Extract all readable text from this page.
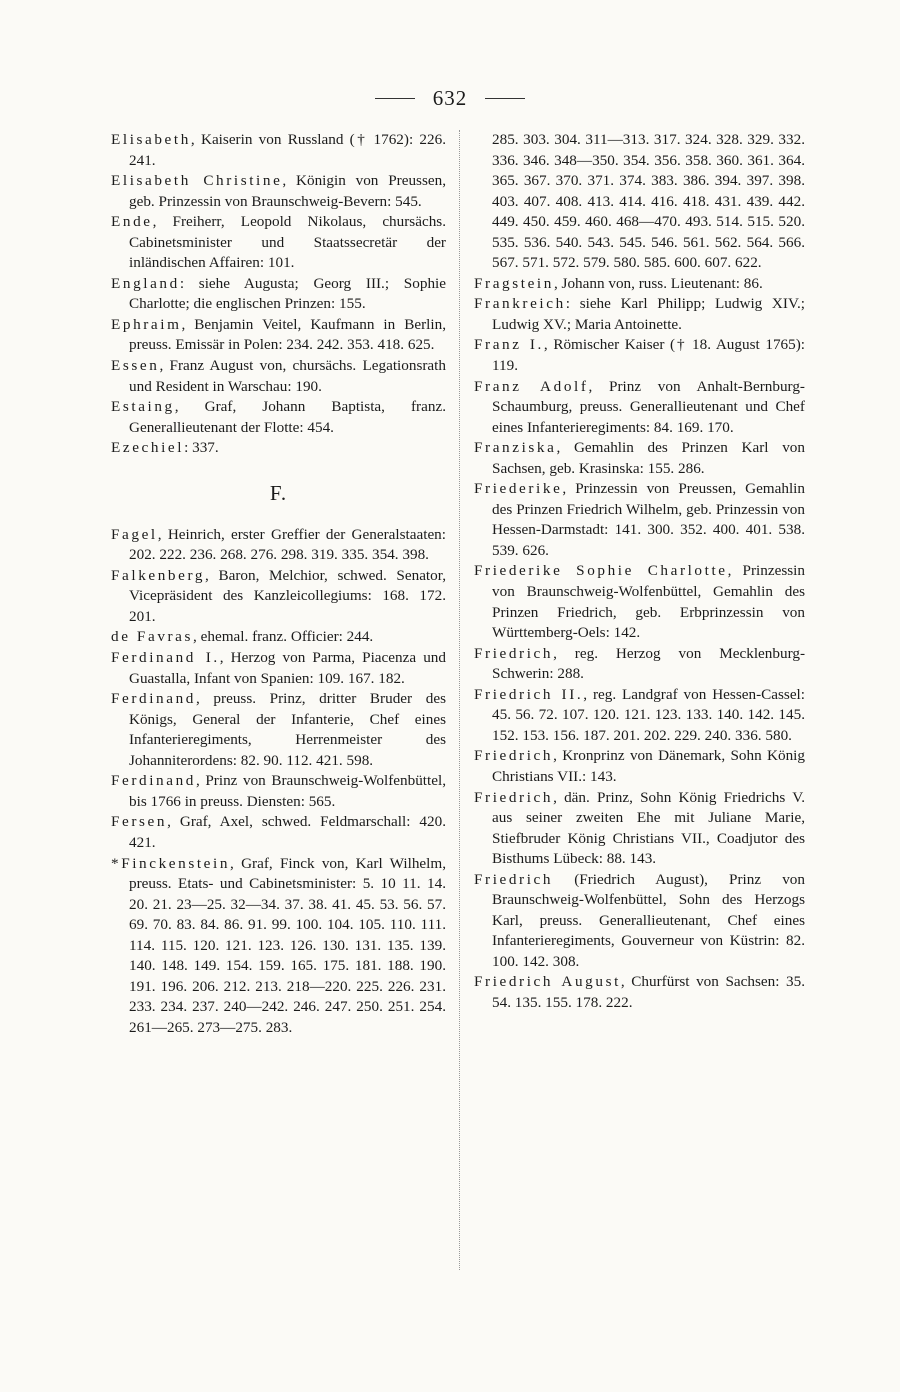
632

Elisabeth, Kaiserin von Russland († 1762): 226. 241.

Elisabeth Christine, Königin von Preussen, geb. Prinzessin von Braunschweig-Bevern: 545.

Ende, Freiherr, Leopold Nikolaus, chursächs. Cabinetsminister und Staatssecretär der inländischen Affairen: 101.

England: siehe Augusta; Georg III.; Sophie Charlotte; die englischen Prinzen: 155.

Ephraim, Benjamin Veitel, Kaufmann in Berlin, preuss. Emissär in Polen: 234. 242. 353. 418. 625.

Essen, Franz August von, chursächs. Legationsrath und Resident in Warschau: 190.

Estaing, Graf, Johann Baptista, franz. Generallieutenant der Flotte: 454.

Ezechiel: 337.

F.

Fagel, Heinrich, erster Greffier der Generalstaaten: 202. 222. 236. 268. 276. 298. 319. 335. 354. 398.

Falkenberg, Baron, Melchior, schwed. Senator, Vicepräsident des Kanzleicollegiums: 168. 172. 201.

de Favras, ehemal. franz. Officier: 244.

Ferdinand I., Herzog von Parma, Piacenza und Guastalla, Infant von Spanien: 109. 167. 182.

Ferdinand, preuss. Prinz, dritter Bruder des Königs, General der Infanterie, Chef eines Infanterieregiments, Herrenmeister des Johanniterordens: 82. 90. 112. 421. 598.

Ferdinand, Prinz von Braunschweig-Wolfenbüttel, bis 1766 in preuss. Diensten: 565.

Fersen, Graf, Axel, schwed. Feldmarschall: 420. 421.

*Finckenstein, Graf, Finck von, Karl Wilhelm, preuss. Etats- und Cabinetsminister: 5. 10 11. 14. 20. 21. 23—25. 32—34. 37. 38. 41. 45. 53. 56. 57. 69. 70. 83. 84. 86. 91. 99. 100. 104. 105. 110. 111. 114. 115. 120. 121. 123. 126. 130. 131. 135. 139. 140. 148. 149. 154. 159. 165. 175. 181. 188. 190. 191. 196. 206. 212. 213. 218—220. 225. 226. 231. 233. 234. 237. 240—242. 246. 247. 250. 251. 254. 261—265. 273—275. 283.

285. 303. 304. 311—313. 317. 324. 328. 329. 332. 336. 346. 348—350. 354. 356. 358. 360. 361. 364. 365. 367. 370. 371. 374. 383. 386. 394. 397. 398. 403. 407. 408. 413. 414. 416. 418. 431. 439. 442. 449. 450. 459. 460. 468—470. 493. 514. 515. 520. 535. 536. 540. 543. 545. 546. 561. 562. 564. 566. 567. 571. 572. 579. 580. 585. 600. 607. 622.

Fragstein, Johann von, russ. Lieutenant: 86.

Frankreich: siehe Karl Philipp; Ludwig XIV.; Ludwig XV.; Maria Antoinette.

Franz I., Römischer Kaiser († 18. August 1765): 119.

Franz Adolf, Prinz von Anhalt-Bernburg-Schaumburg, preuss. Generallieutenant und Chef eines Infanterieregiments: 84. 169. 170.

Franziska, Gemahlin des Prinzen Karl von Sachsen, geb. Krasinska: 155. 286.

Friederike, Prinzessin von Preussen, Gemahlin des Prinzen Friedrich Wilhelm, geb. Prinzessin von Hessen-Darmstadt: 141. 300. 352. 400. 401. 538. 539. 626.

Friederike Sophie Charlotte, Prinzessin von Braunschweig-Wolfenbüttel, Gemahlin des Prinzen Friedrich, geb. Erbprinzessin von Württemberg-Oels: 142.

Friedrich, reg. Herzog von Mecklenburg-Schwerin: 288.

Friedrich II., reg. Landgraf von Hessen-Cassel: 45. 56. 72. 107. 120. 121. 123. 133. 140. 142. 145. 152. 153. 156. 187. 201. 202. 229. 240. 336. 580.

Friedrich, Kronprinz von Dänemark, Sohn König Christians VII.: 143.

Friedrich, dän. Prinz, Sohn König Friedrichs V. aus seiner zweiten Ehe mit Juliane Marie, Stiefbruder König Christians VII., Coadjutor des Bisthums Lübeck: 88. 143.

Friedrich (Friedrich August), Prinz von Braunschweig-Wolfenbüttel, Sohn des Herzogs Karl, preuss. Generallieutenant, Chef eines Infanterieregiments, Gouverneur von Küstrin: 82. 100. 142. 308.

Friedrich August, Churfürst von Sachsen: 35. 54. 135. 155. 178. 222.
